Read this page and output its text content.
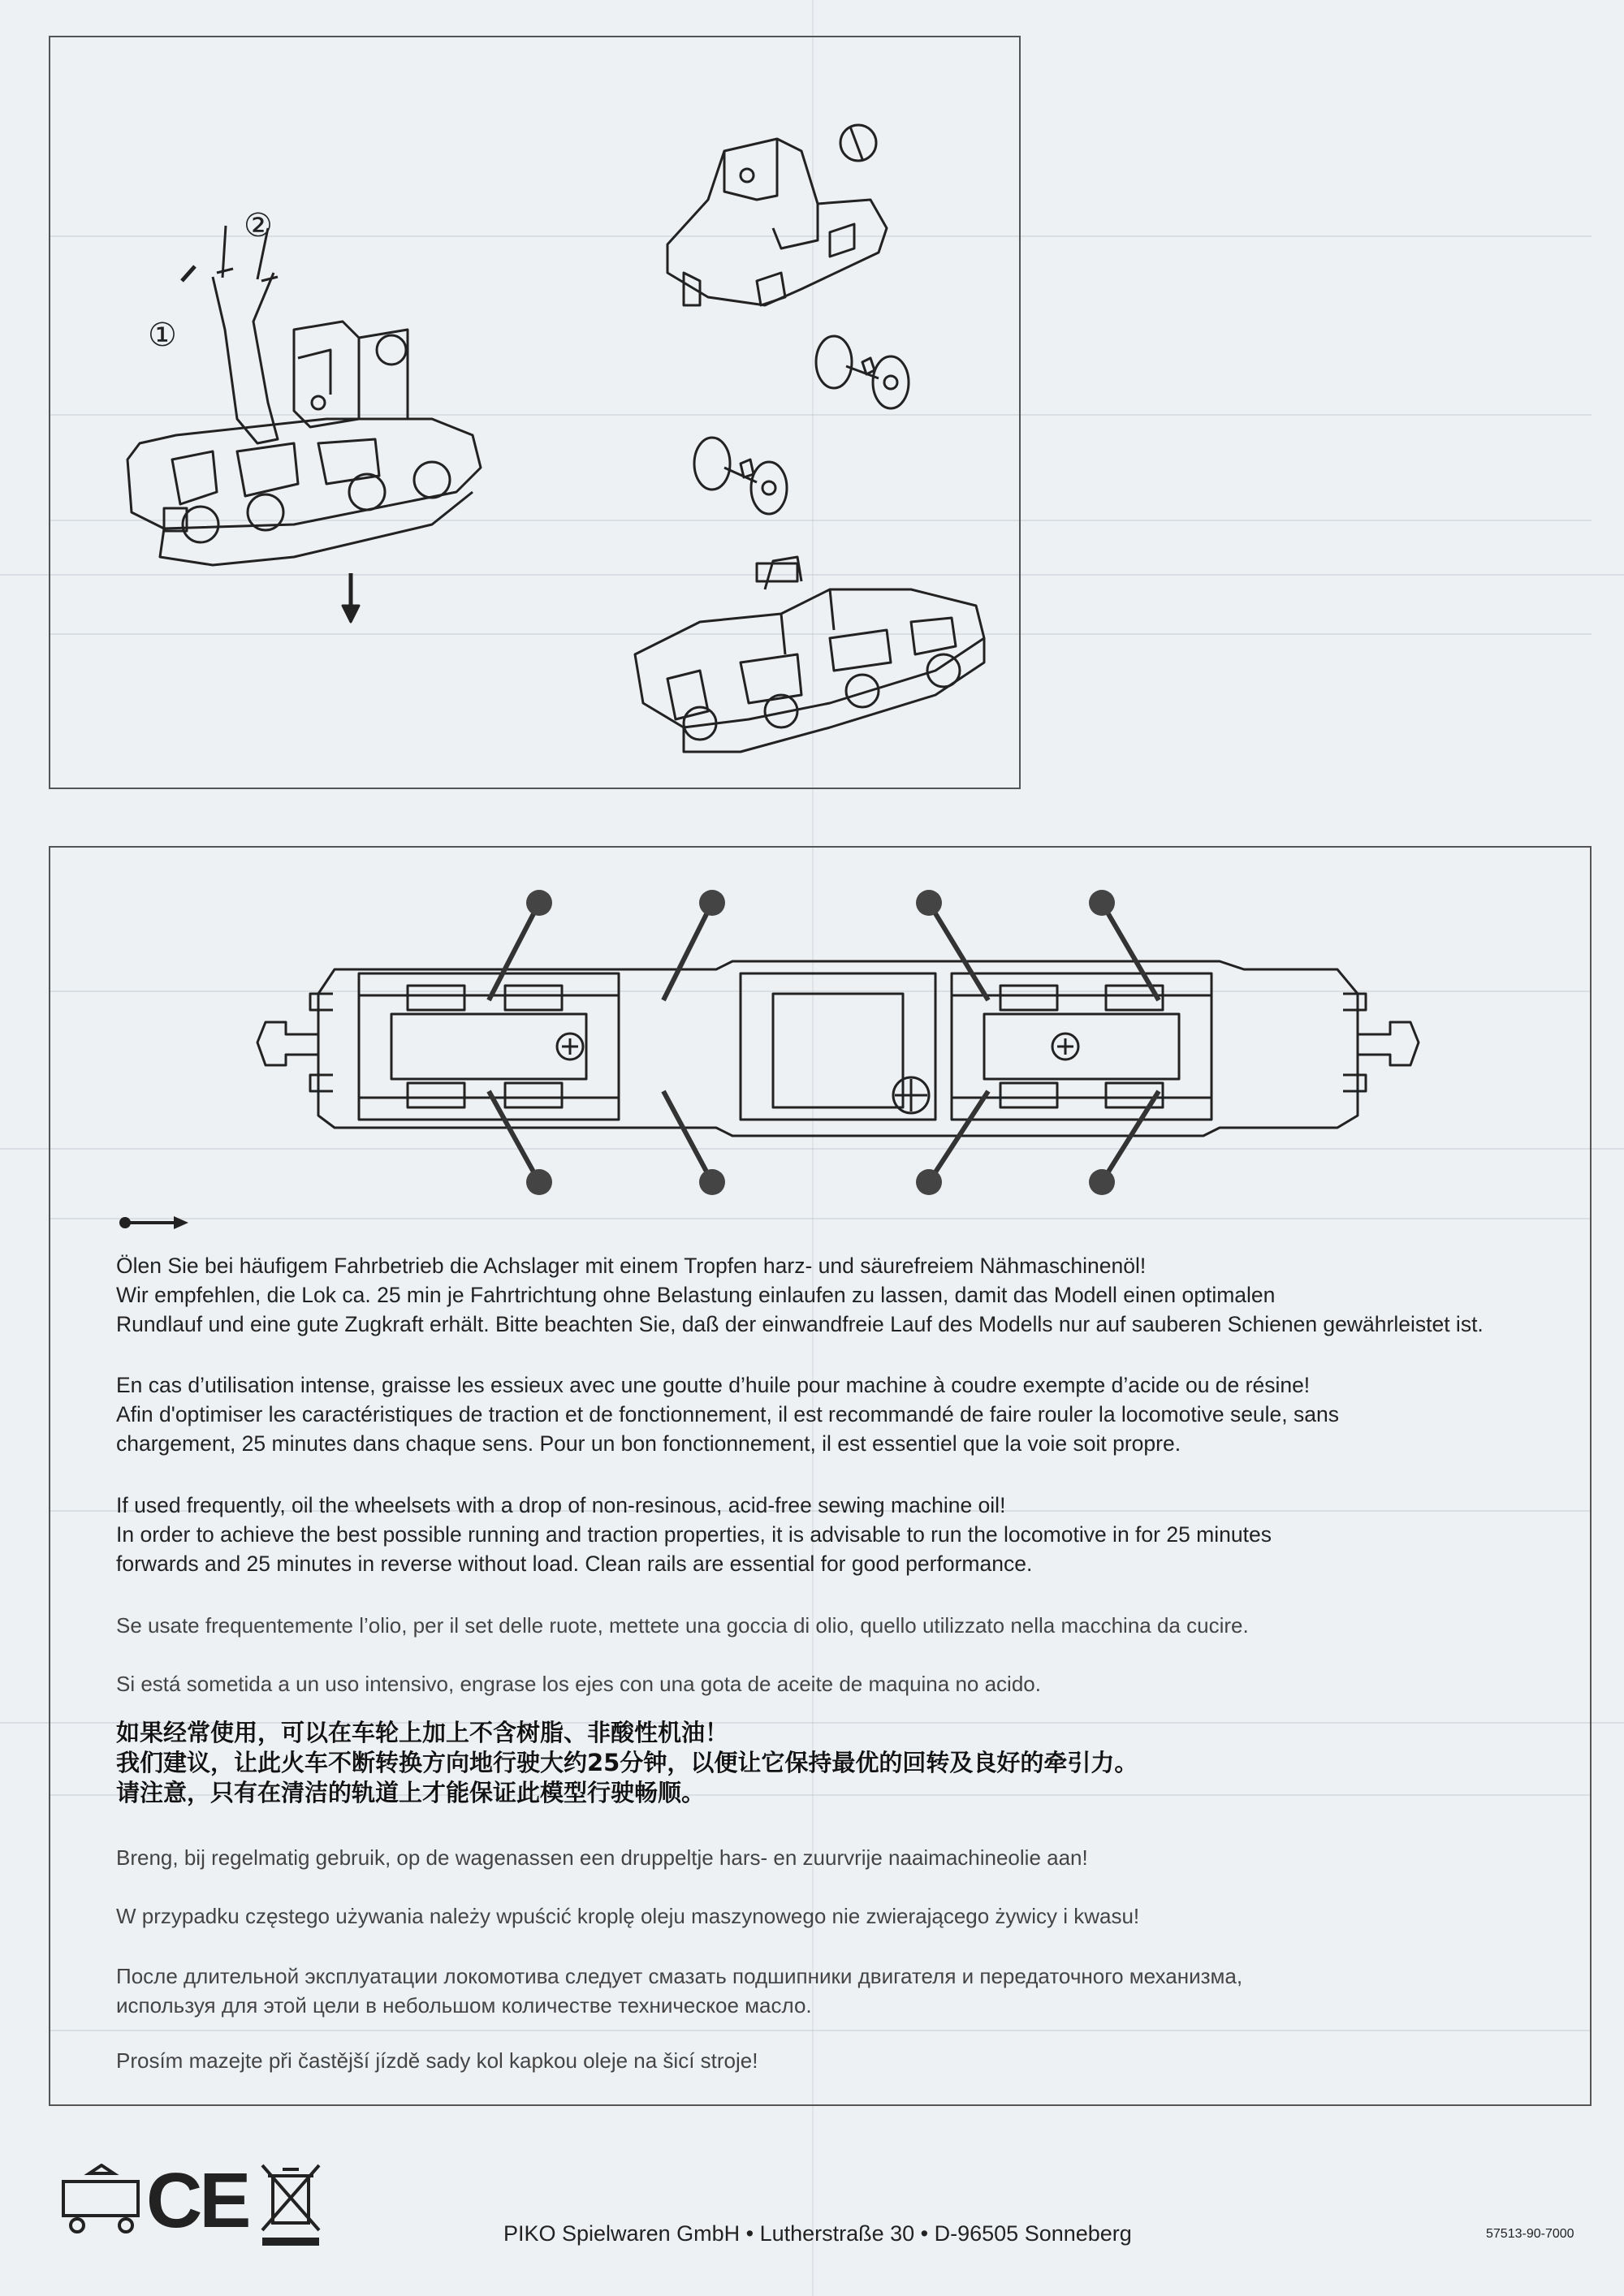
②
①
Ölen Sie bei häufigem Fahrbetrieb die Achslager mit einem Tropfen harz- und säurefreiem Nähmaschinenöl!
Wir empfehlen, die Lok ca. 25 min je Fahrtrichtung ohne Belastung einlaufen zu lassen, damit das Modell einen optimalen
Rundlauf und eine gute Zugkraft erhält. Bitte beachten Sie, daß der einwandfreie Lauf des Modells nur auf sauberen Schienen gewährleistet ist.
En cas d’utilisation intense, graisse les essieux avec une goutte d’huile pour machine à coudre exempte d’acide ou de résine!
Afin d'optimiser les caractéristiques de traction et de fonctionnement, il est recommandé de faire rouler la locomotive seule, sans
chargement, 25 minutes dans chaque sens. Pour un bon fonctionnement, il est essentiel que la voie soit propre.
If used frequently, oil the wheelsets with a drop of non-resinous, acid-free sewing machine oil!
In order to achieve the best possible running and traction properties, it is advisable to run the locomotive in for 25 minutes
forwards and 25 minutes in reverse without load. Clean rails are essential for good performance.
Se usate frequentemente l’olio, per il set delle ruote, mettete una goccia di olio, quello utilizzato nella macchina da cucire.
Si está sometida a un uso intensivo, engrase los ejes con una gota de aceite de maquina no acido.
如果经常使用，可以在车轮上加上不含树脂、非酸性机油！
我们建议，让此火车不断转换方向地行驶大约25分钟，以便让它保持最优的回转及良好的牵引力。
请注意，只有在清洁的轨道上才能保证此模型行驶畅顺。
Breng, bij regelmatig gebruik, op de wagenassen een druppeltje hars- en zuurvrije naaimachineolie aan!
W przypadku częstego używania należy wpuścić kroplę oleju maszynowego nie zwierającego żywicy i kwasu!
После длительной эксплуатации локомотива следует смазать подшипники двигателя и передаточного механизма,
используя для этой цели в небольшом количестве техническое масло.
Prosím mazejte při častější jízdě sady kol kapkou oleje na šicí stroje!
CE	PIKO Spielwaren GmbH • Lutherstraße 30 • D-96505 Sonneberg	57513-90-7000
